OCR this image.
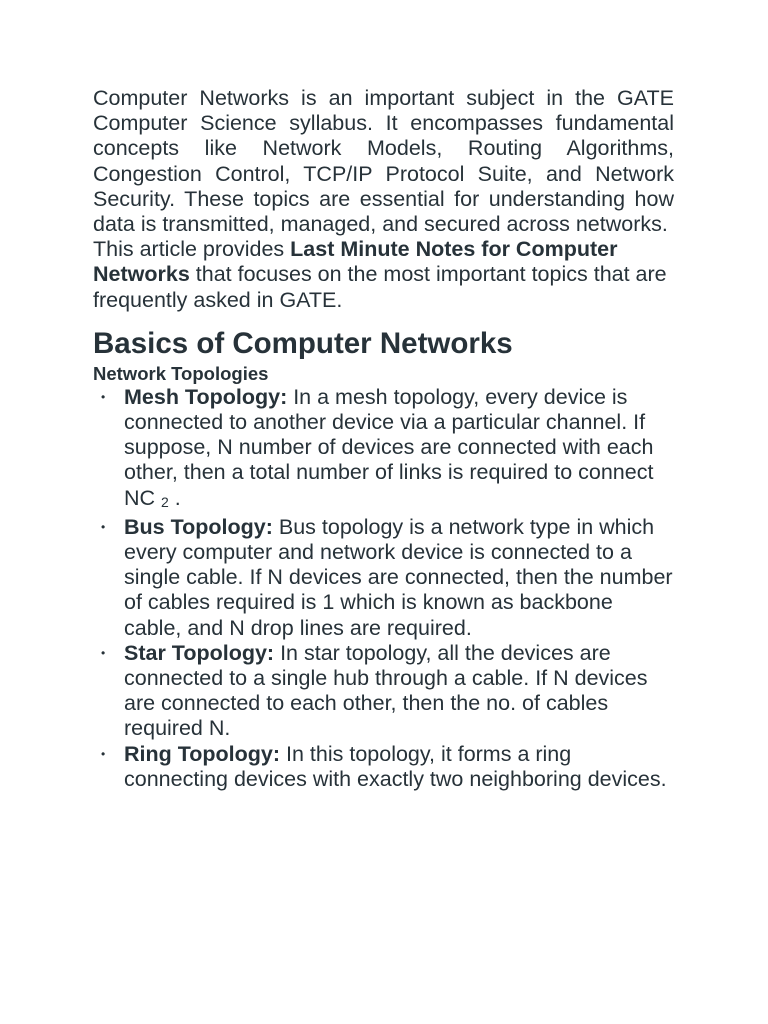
Computer Networks is an important subject in the GATE Computer Science syllabus. It encompasses fundamental concepts like Network Models, Routing Algorithms, Congestion Control, TCP/IP Protocol Suite, and Network Security. These topics are essential for understanding how data is transmitted, managed, and secured across networks.

This article provides Last Minute Notes for Computer Networks that focuses on the most important topics that are frequently asked in GATE.

Basics of Computer Networks
Network Topologies
• Mesh Topology: In a mesh topology, every device is connected to another device via a particular channel. If suppose, N number of devices are connected with each other, then a total number of links is required to connect NC $_2$ .
• Bus Topology: Bus topology is a network type in which every computer and network device is connected to a single cable. If N devices are connected, then the number of cables required is 1 which is known as backbone cable, and N drop lines are required.
• Star Topology: In star topology, all the devices are connected to a single hub through a cable. If N devices are connected to each other, then the no. of cables required N.
• Ring Topology: In this topology, it forms a ring connecting devices with exactly two neighboring devices.
